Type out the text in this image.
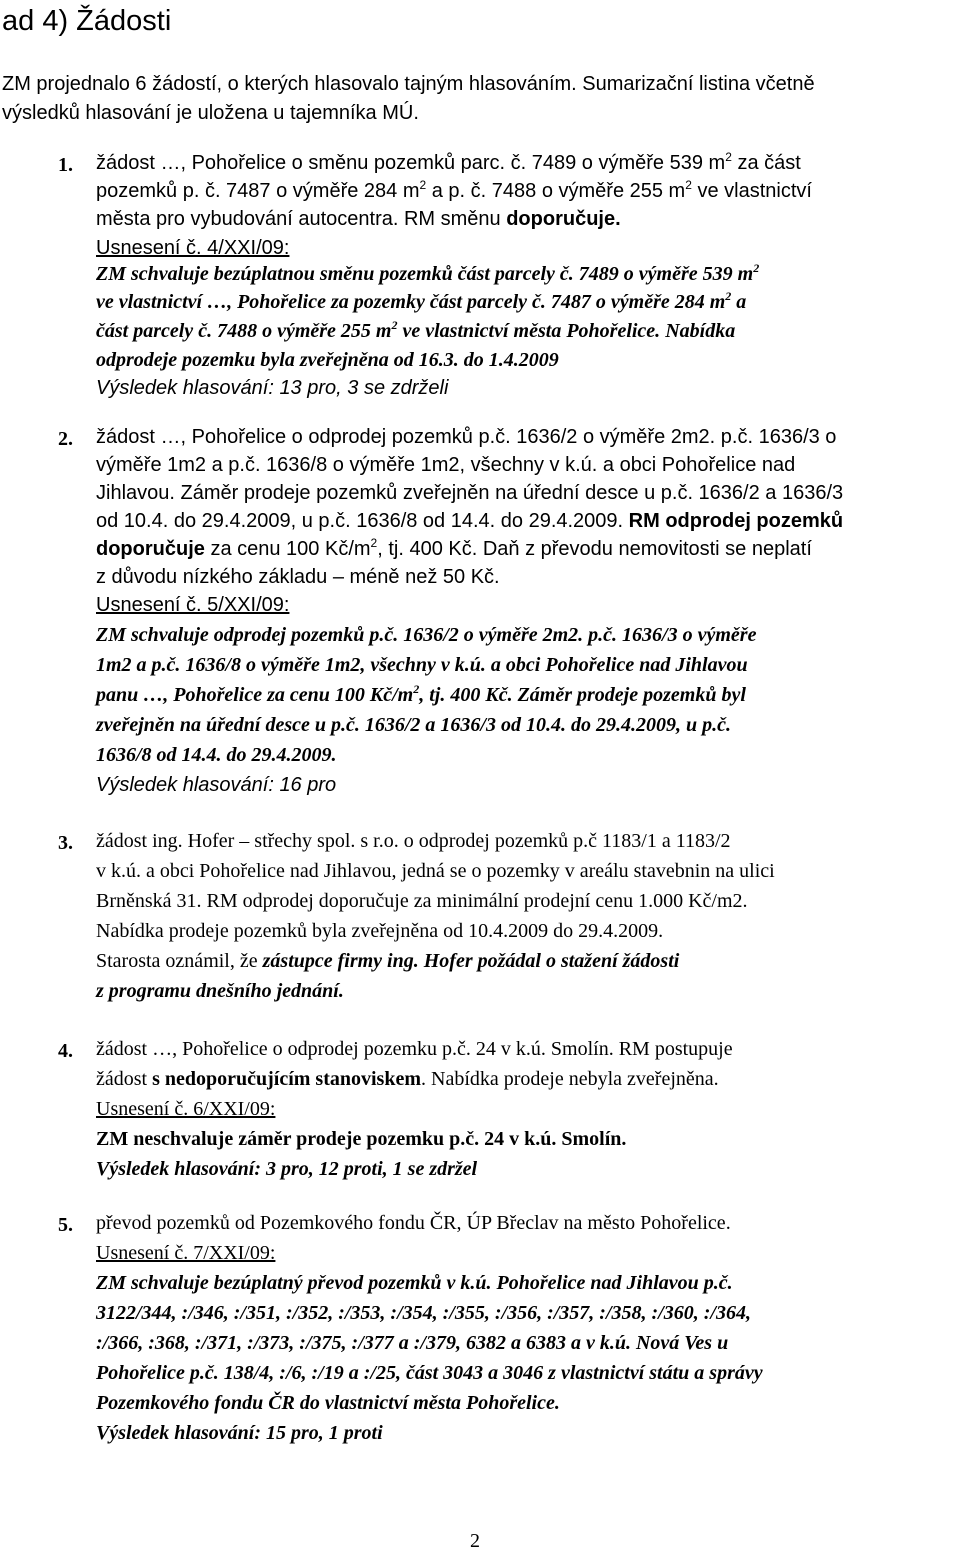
ad 4) Žádosti
ZM projednalo 6 žádostí, o kterých hlasovalo tajným hlasováním. Sumarizační listina včetně
výsledků hlasování je uložena u tajemníka MÚ.
1. žádost …, Pohořelice o směnu pozemků parc. č. 7489 o výměře 539 $m^2$ za část
pozemků p. č. 7487 o výměře 284 $m^2$ a p. č. 7488 o výměře 255 $m^2$ ve vlastnictví
města pro vybudování autocentra. RM směnu doporučuje.
Usnesení č. 4/XXI/09:
ZM schvaluje bezúplatnou směnu pozemků část parcely č. 7489 o výměře 539 $m^2$
ve vlastnictví …, Pohořelice za pozemky část parcely č. 7487 o výměře 284 $m^2$ a
část parcely č. 7488 o výměře 255 $m^2$ ve vlastnictví města Pohořelice. Nabídka
odprodeje pozemku byla zveřejněna od 16.3. do 1.4.2009
Výsledek hlasování: 13 pro, 3 se zdrželi
2. žádost …, Pohořelice o odprodej pozemků p.č. 1636/2 o výměře 2m2. p.č. 1636/3 o
výměře 1m2 a p.č. 1636/8 o výměře 1m2, všechny v k.ú. a obci Pohořelice nad
Jihlavou. Záměr prodeje pozemků zveřejněn na úřední desce u p.č. 1636/2 a 1636/3
od 10.4. do 29.4.2009, u p.č. 1636/8 od 14.4. do 29.4.2009. RM odprodej pozemků
doporučuje za cenu 100 $Kč/m^2$, tj. 400 Kč. Daň z převodu nemovitosti se neplatí
z důvodu nízkého základu – méně než 50 Kč.
Usnesení č. 5/XXI/09:
ZM schvaluje odprodej pozemků p.č. 1636/2 o výměře 2m2. p.č. 1636/3 o výměře
1m2 a p.č. 1636/8 o výměře 1m2, všechny v k.ú. a obci Pohořelice nad Jihlavou
panu …, Pohořelice za cenu 100 $Kč/m^2$, tj. 400 Kč. Záměr prodeje pozemků byl
zveřejněn na úřední desce u p.č. 1636/2 a 1636/3 od 10.4. do 29.4.2009, u p.č.
1636/8 od 14.4. do 29.4.2009.
Výsledek hlasování: 16 pro
3. žádost ing. Hofer – střechy spol. s r.o. o odprodej pozemků p.č 1183/1 a 1183/2
v k.ú. a obci Pohořelice nad Jihlavou, jedná se o pozemky v areálu stavebnin na ulici
Brněnská 31. RM odprodej doporučuje za minimální prodejní cenu 1.000 Kč/m2.
Nabídka prodeje pozemků byla zveřejněna od 10.4.2009 do 29.4.2009.
Starosta oznámil, že zástupce firmy ing. Hofer požádal o stažení žádosti
z programu dnešního jednání.
4. žádost …, Pohořelice o odprodej pozemku p.č. 24 v k.ú. Smolín. RM postupuje
žádost s nedoporučujícím stanoviskem. Nabídka prodeje nebyla zveřejněna.
Usnesení č. 6/XXI/09:
ZM neschvaluje záměr prodeje pozemku p.č. 24 v k.ú. Smolín.
Výsledek hlasování: 3 pro, 12 proti, 1 se zdržel
5. převod pozemků od Pozemkového fondu ČR, ÚP Břeclav na město Pohořelice.
Usnesení č. 7/XXI/09:
ZM schvaluje bezúplatný převod pozemků v k.ú. Pohořelice nad Jihlavou p.č.
3122/344, :/346, :/351, :/352, :/353, :/354, :/355, :/356, :/357, :/358, :/360, :/364,
:/366, :368, :/371, :/373, :/375, :/377 a :/379, 6382 a 6383 a v k.ú. Nová Ves u
Pohořelice p.č. 138/4, :/6, :/19 a :/25, část 3043 a 3046 z vlastnictví státu a správy
Pozemkového fondu ČR do vlastnictví města Pohořelice.
Výsledek hlasování: 15 pro, 1 proti
2
